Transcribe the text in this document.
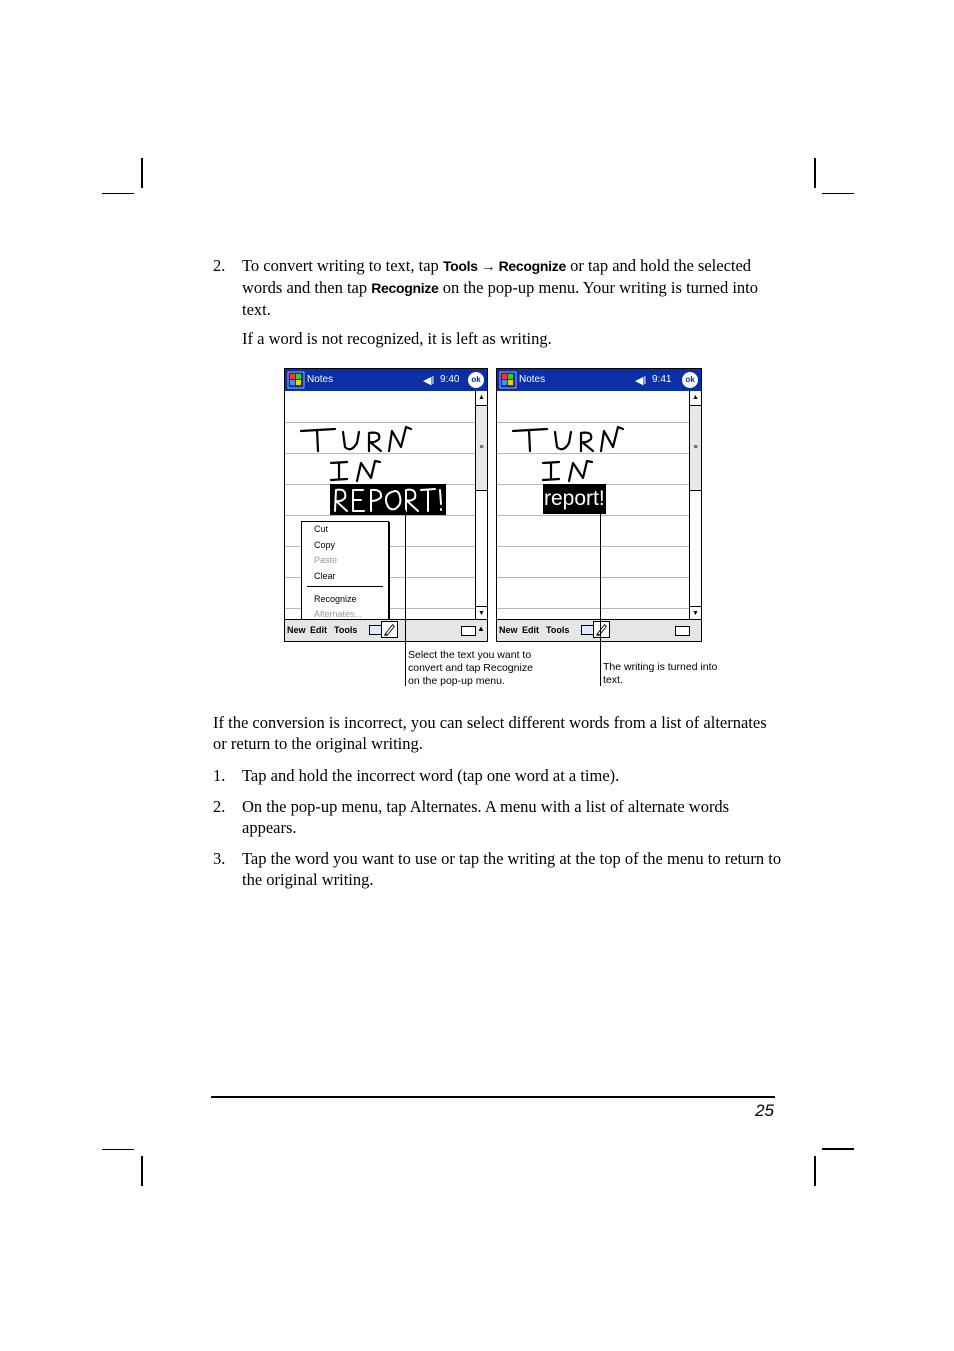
2. To convert writing to text, tap Tools → Recognize or tap and hold the selected words and then tap Recognize on the pop-up menu. Your writing is turned into text.

If a word is not recognized, it is left as writing.

Notes	◀ǀ 9:40	ok
Cut
Copy
Paste
Clear
Recognize
Alternates...
▲
≡
▼
New Edit Tools	▲
Notes	◀ǀ 9:41	ok
report!
▲
≡
▼
New Edit Tools
Select the text you want to
convert and tap Recognize
on the pop-up menu.
The writing is turned into
text.

If the conversion is incorrect, you can select different words from a list of alternates or return to the original writing.

1. Tap and hold the incorrect word (tap one word at a time).
2. On the pop-up menu, tap Alternates. A menu with a list of alternate words appears.
3. Tap the word you want to use or tap the writing at the top of the menu to return to the original writing.
25
